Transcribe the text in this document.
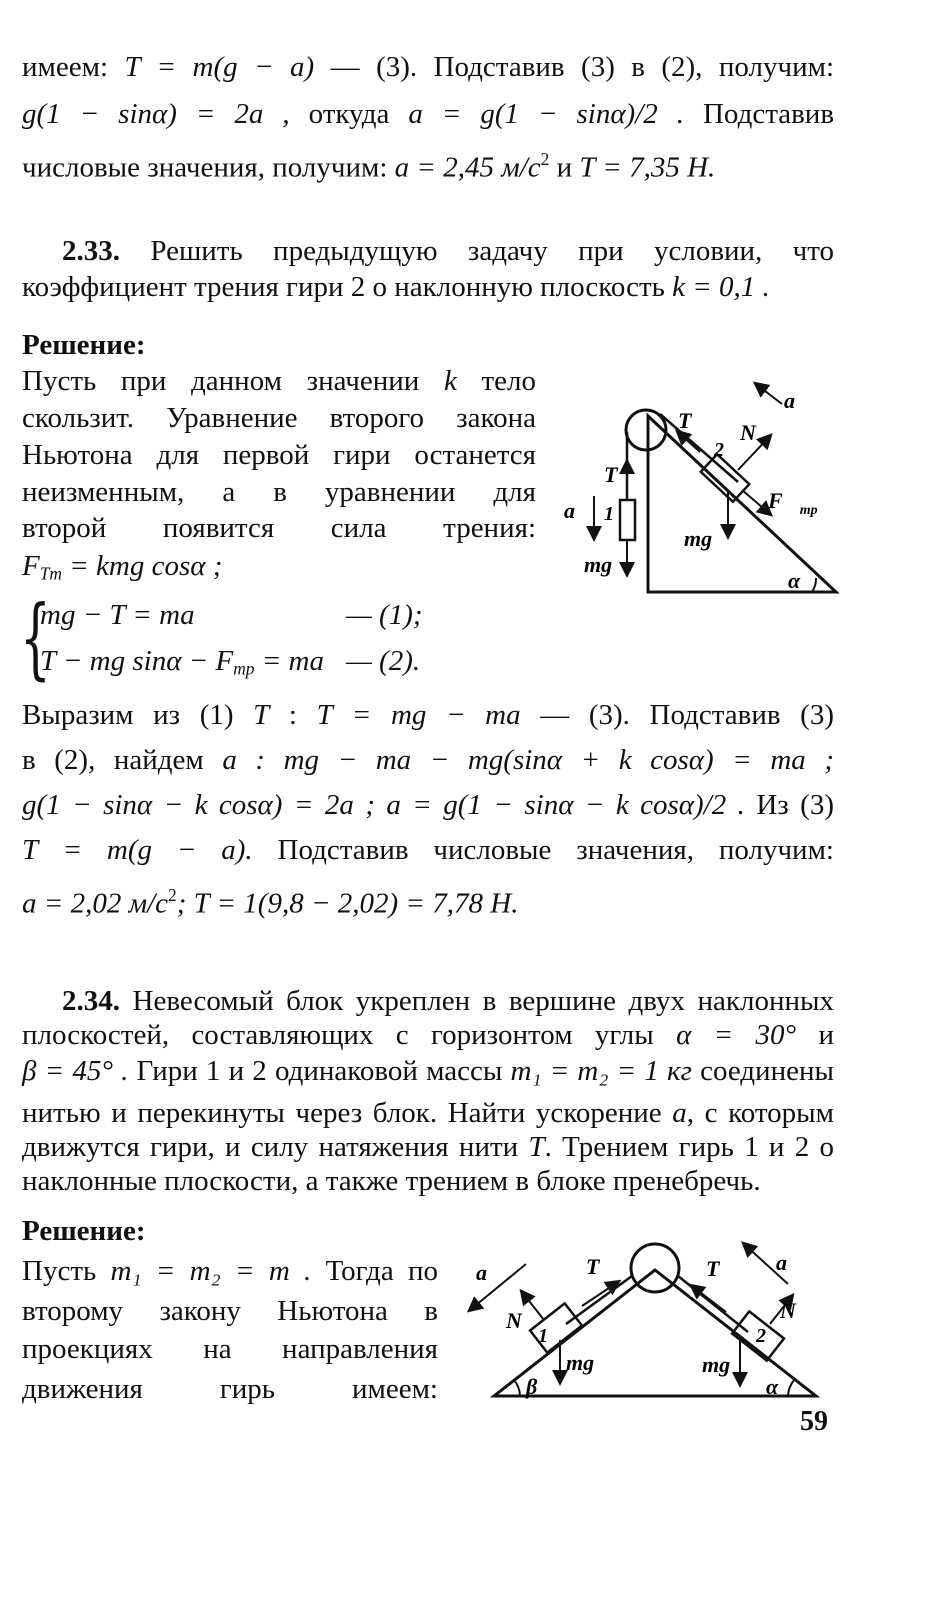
имеем: T = m(g − a) — (3). Подставив (3) в (2), получим:
g(1 − sinα) = 2a , откуда a = g(1 − sinα)/2 . Подставив
числовые значения, получим: a = 2,45 $м/с^2$ и T = 7,35 Н.
2.33. Решить предыдущую задачу при условии, что
коэффициент трения гири 2 о наклонную плоскость k = 0,1 .
Решение:
Пусть при данном значении k тело
скользит. Уравнение второго закона
Ньютона для первой гири останется
неизменным, а в уравнении для
второй появится сила трения:
$F_{Tm}$ = kmg cosα ;
{
mg − T = ma	— (1);
T − mg $\sin\alpha - F_{тр}$ = ma — (2).
Выразим из (1) T : T = mg − ma — (3). Подставив (3)
в (2), найдем a : mg − ma − mg(sinα + k cosα) = ma ;
g(1 − sinα − k cosα) = 2a ; a = g(1 − sinα − k cosα)/2 . Из (3)
T = m(g − a). Подставив числовые значения, получим:
a = 2,02 $м/с^2$; T = 1(9,8 − 2,02) = 7,78 Н.
1
2
α
T⃗
a⃗
mg⃗
T⃗ N⃗
$F⃗_{тр}$
mg⃗
a⃗
2.34. Невесомый блок укреплен в вершине двух наклонных
плоскостей, составляющих с горизонтом углы α = 30° и
β = 45° . Гири 1 и 2 одинаковой массы m₁ = m₂ = 1 кг соединены
нитью и перекинуты через блок. Найти ускорение a, с которым
движутся гири, и силу натяжения нити T. Трением гирь 1 и 2 о
наклонные плоскости, а также трением в блоке пренебречь.
Решение:
Пусть m₁ = m₂ = m . Тогда по
второму закону Ньютона в
проекциях на направления
движения гирь имеем:
1	2
a⃗	T⃗
N⃗
mg⃗
T⃗ a⃗
N⃗
mg⃗
β	α
59
